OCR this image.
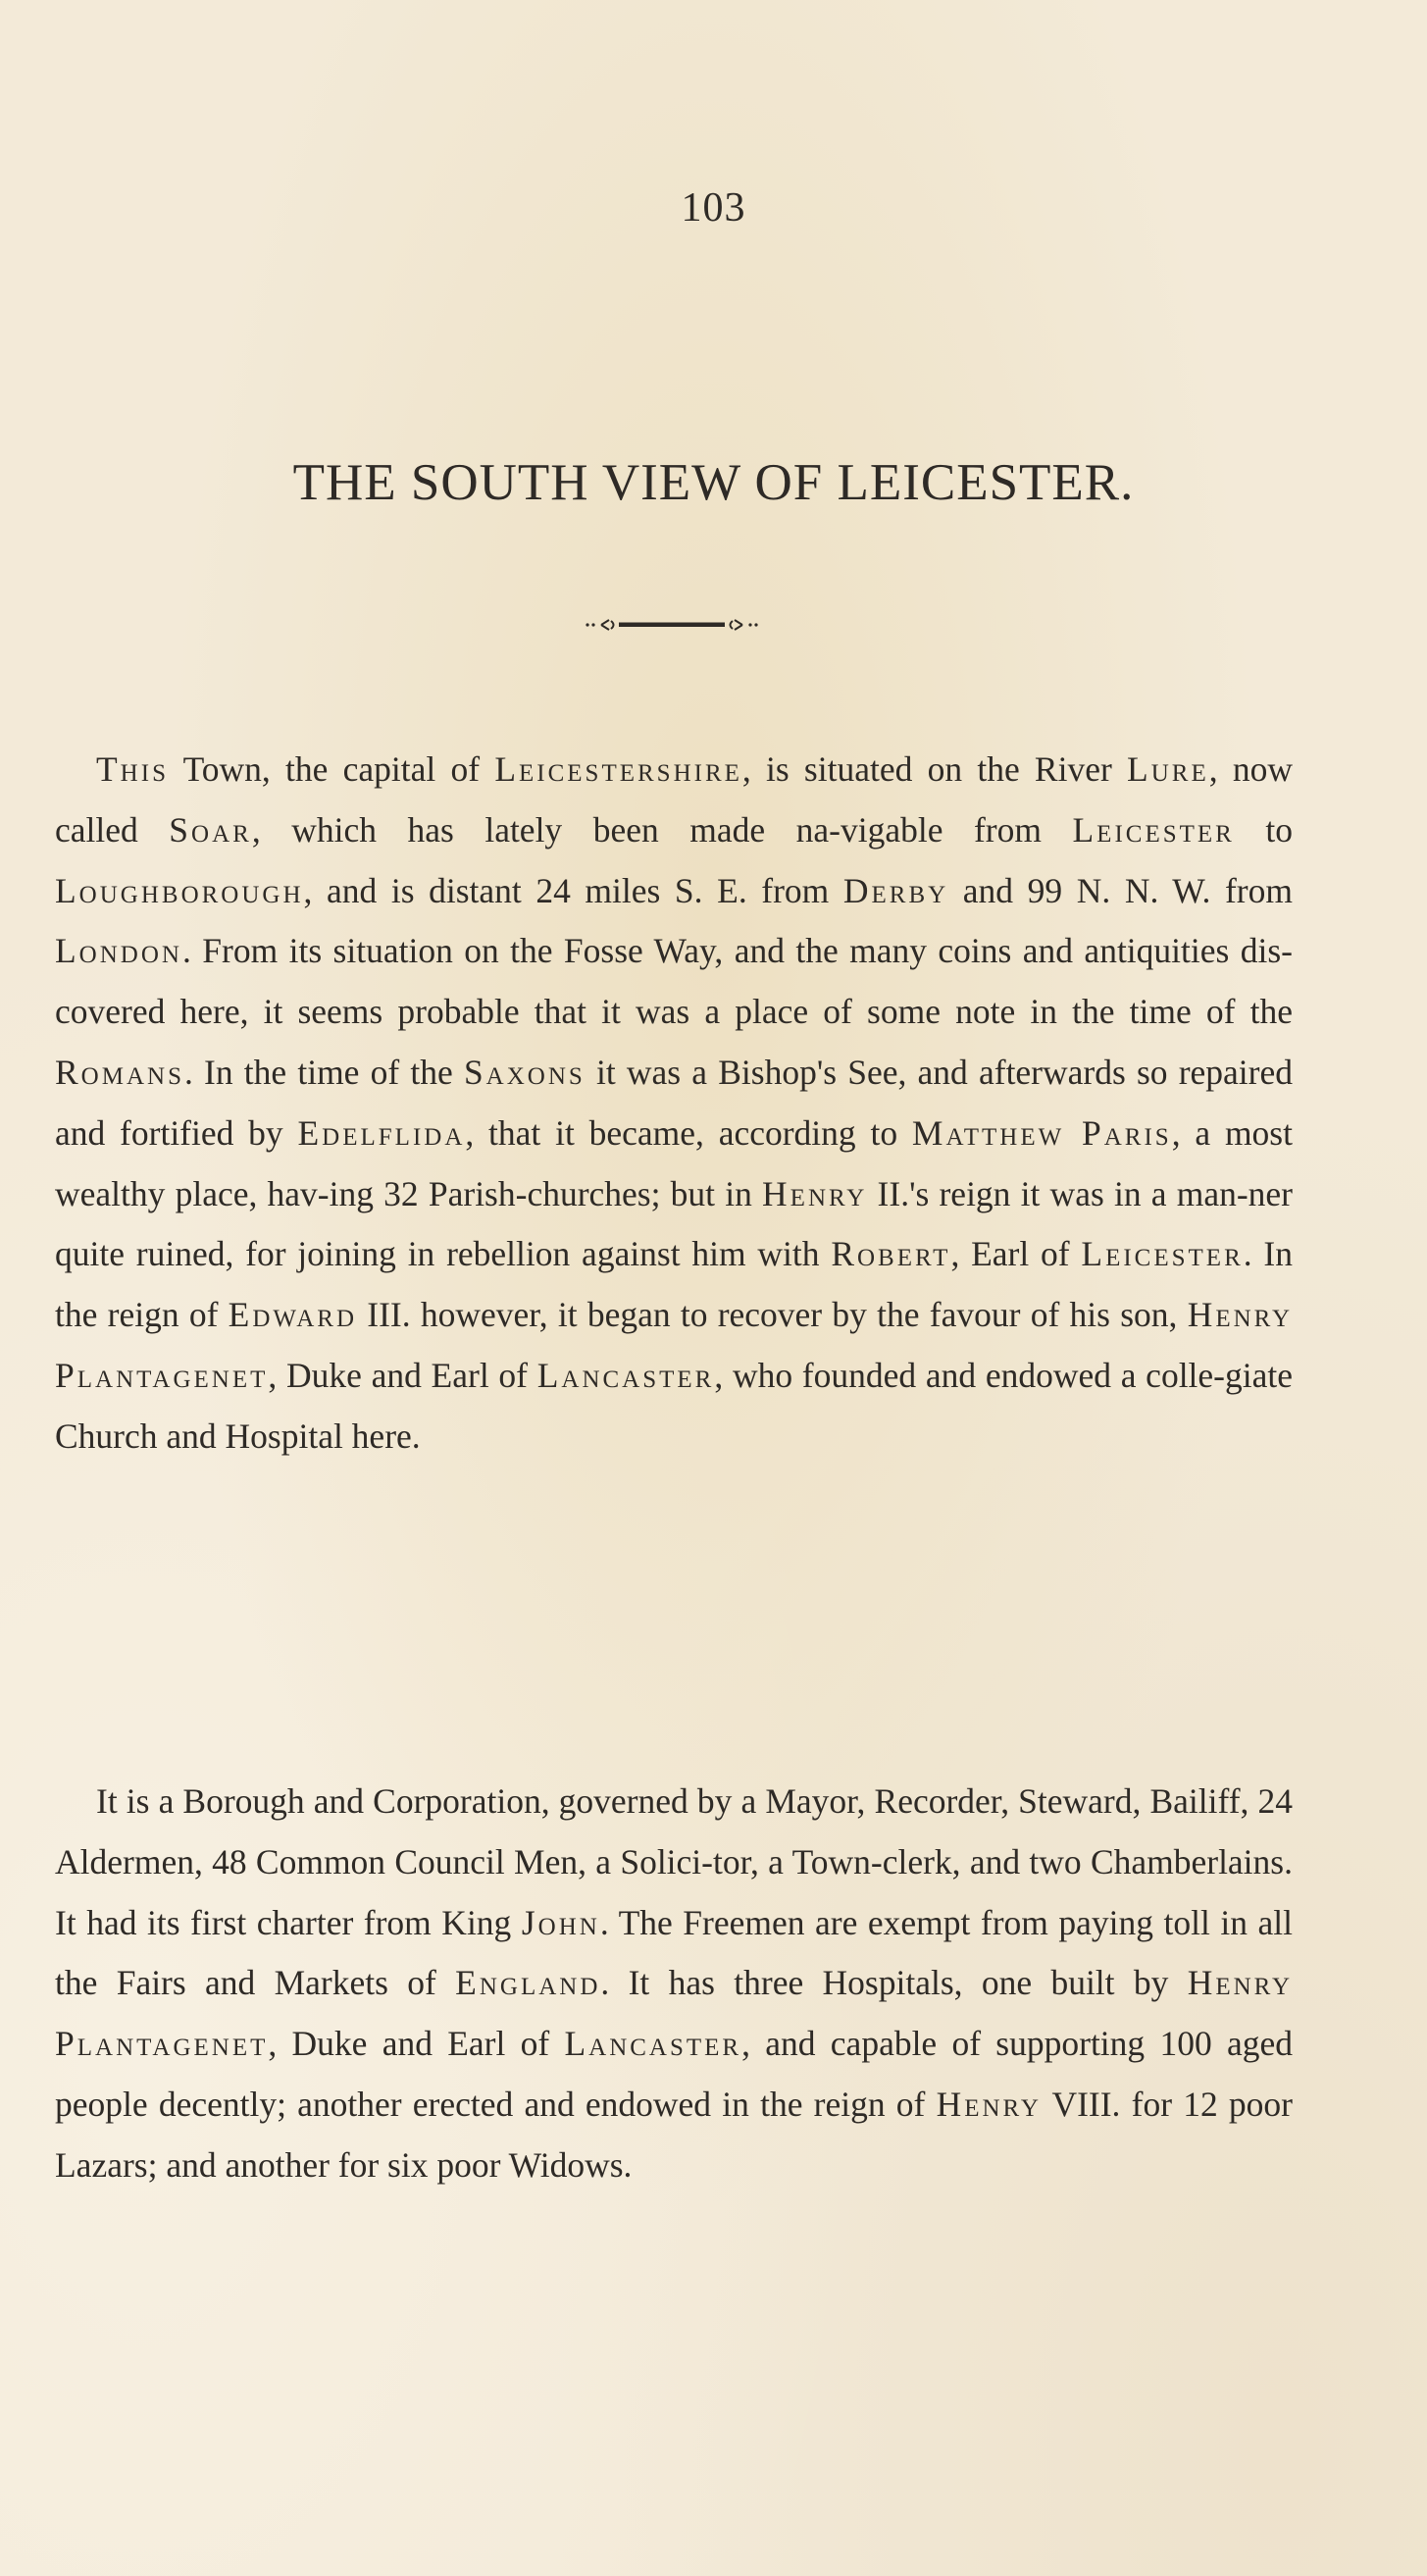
103
THE SOUTH VIEW OF LEICESTER.

This Town, the capital of Leicestershire, is situated on the River Lure, now called Soar, which has lately been made na-vigable from Leicester to Loughborough, and is distant 24 miles S. E. from Derby and 99 N. N. W. from London. From its situation on the Fosse Way, and the many coins and antiquities dis-covered here, it seems probable that it was a place of some note in the time of the Romans. In the time of the Saxons it was a Bishop's See, and afterwards so repaired and fortified by Edelflida, that it became, according to Matthew Paris, a most wealthy place, hav-ing 32 Parish-churches; but in Henry II.'s reign it was in a man-ner quite ruined, for joining in rebellion against him with Robert, Earl of Leicester. In the reign of Edward III. however, it began to recover by the favour of his son, Henry Plantagenet, Duke and Earl of Lancaster, who founded and endowed a colle-giate Church and Hospital here.

It is a Borough and Corporation, governed by a Mayor, Recorder, Steward, Bailiff, 24 Aldermen, 48 Common Council Men, a Solici-tor, a Town-clerk, and two Chamberlains. It had its first charter from King John. The Freemen are exempt from paying toll in all the Fairs and Markets of England. It has three Hospitals, one built by Henry Plantagenet, Duke and Earl of Lancaster, and capable of supporting 100 aged people decently; another erected and endowed in the reign of Henry VIII. for 12 poor Lazars; and another for six poor Widows.
